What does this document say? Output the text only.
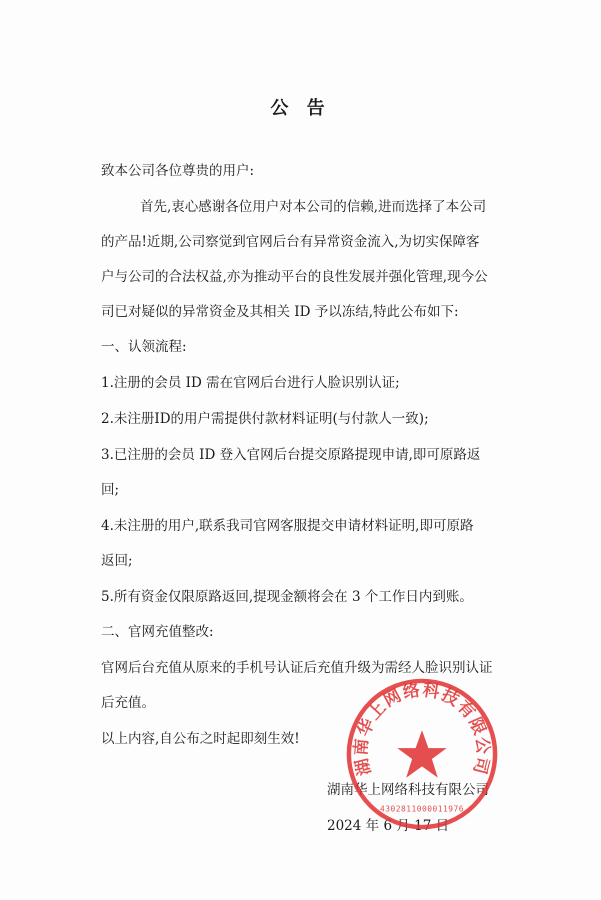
公 告

致本公司各位尊贵的用户:

首先,衷心感谢各位用户对本公司的信赖,进而选择了本公司

的产品!近期,公司察觉到官网后台有异常资金流入,为切实保障客

户与公司的合法权益,亦为推动平台的良性发展并强化管理,现今公

司已对疑似的异常资金及其相关 ID 予以冻结,特此公布如下:

一、认领流程:

1.注册的会员 ID 需在官网后台进行人脸识别认证;

2.未注册ID的用户需提供付款材料证明(与付款人一致);

3.已注册的会员 ID 登入官网后台提交原路提现申请,即可原路返

回;

4.未注册的用户,联系我司官网客服提交申请材料证明,即可原路

返回;

5.所有资金仅限原路返回,提现金额将会在 3 个工作日内到账。

二、官网充值整改:

官网后台充值从原来的手机号认证后充值升级为需经人脸识别认证

后充值。

以上内容,自公布之时起即刻生效!

湖南华上网络科技有限公司

2024 年 6 月 17 日

湖南华上网络科技有限公司
4302811000011976
